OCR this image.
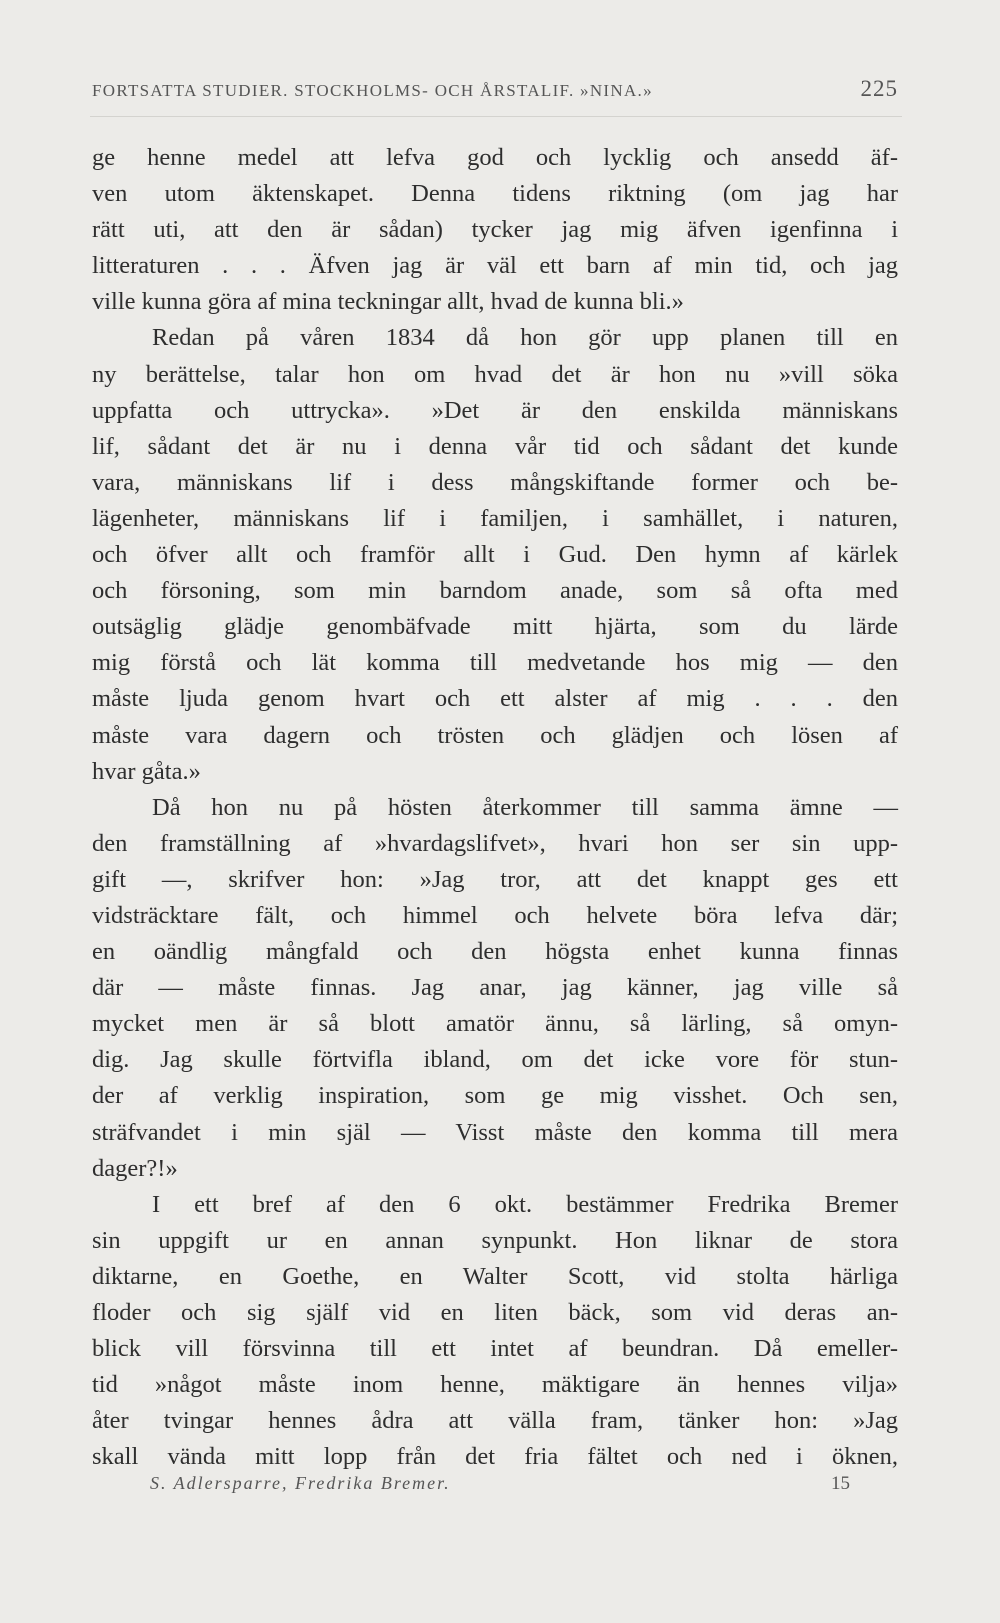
FORTSATTA STUDIER. STOCKHOLMS- OCH ÅRSTALIF. »NINA.»	225
ge henne medel att lefva god och lycklig och ansedd äf-
ven utom äktenskapet. Denna tidens riktning (om jag har
rätt uti, att den är sådan) tycker jag mig äfven igenfinna i
litteraturen . . . Äfven jag är väl ett barn af min tid, och jag
ville kunna göra af mina teckningar allt, hvad de kunna bli.»
Redan på våren 1834 då hon gör upp planen till en
ny berättelse, talar hon om hvad det är hon nu »vill söka
uppfatta och uttrycka». »Det är den enskilda människans
lif, sådant det är nu i denna vår tid och sådant det kunde
vara, människans lif i dess mångskiftande former och be-
lägenheter, människans lif i familjen, i samhället, i naturen,
och öfver allt och framför allt i Gud. Den hymn af kärlek
och försoning, som min barndom anade, som så ofta med
outsäglig glädje genombäfvade mitt hjärta, som du lärde
mig förstå och lät komma till medvetande hos mig — den
måste ljuda genom hvart och ett alster af mig . . . den
måste vara dagern och trösten och glädjen och lösen af
hvar gåta.»
Då hon nu på hösten återkommer till samma ämne —
den framställning af »hvardagslifvet», hvari hon ser sin upp-
gift —, skrifver hon: »Jag tror, att det knappt ges ett
vidsträcktare fält, och himmel och helvete böra lefva där;
en oändlig mångfald och den högsta enhet kunna finnas
där — måste finnas. Jag anar, jag känner, jag ville så
mycket men är så blott amatör ännu, så lärling, så omyn-
dig. Jag skulle förtvifla ibland, om det icke vore för stun-
der af verklig inspiration, som ge mig visshet. Och sen,
sträfvandet i min själ — Visst måste den komma till mera
dager?!»
I ett bref af den 6 okt. bestämmer Fredrika Bremer
sin uppgift ur en annan synpunkt. Hon liknar de stora
diktarne, en Goethe, en Walter Scott, vid stolta härliga
floder och sig själf vid en liten bäck, som vid deras an-
blick vill försvinna till ett intet af beundran. Då emeller-
tid »något måste inom henne, mäktigare än hennes vilja»
åter tvingar hennes ådra att välla fram, tänker hon: »Jag
skall vända mitt lopp från det fria fältet och ned i öknen,
S. Adlersparre, Fredrika Bremer.	15
